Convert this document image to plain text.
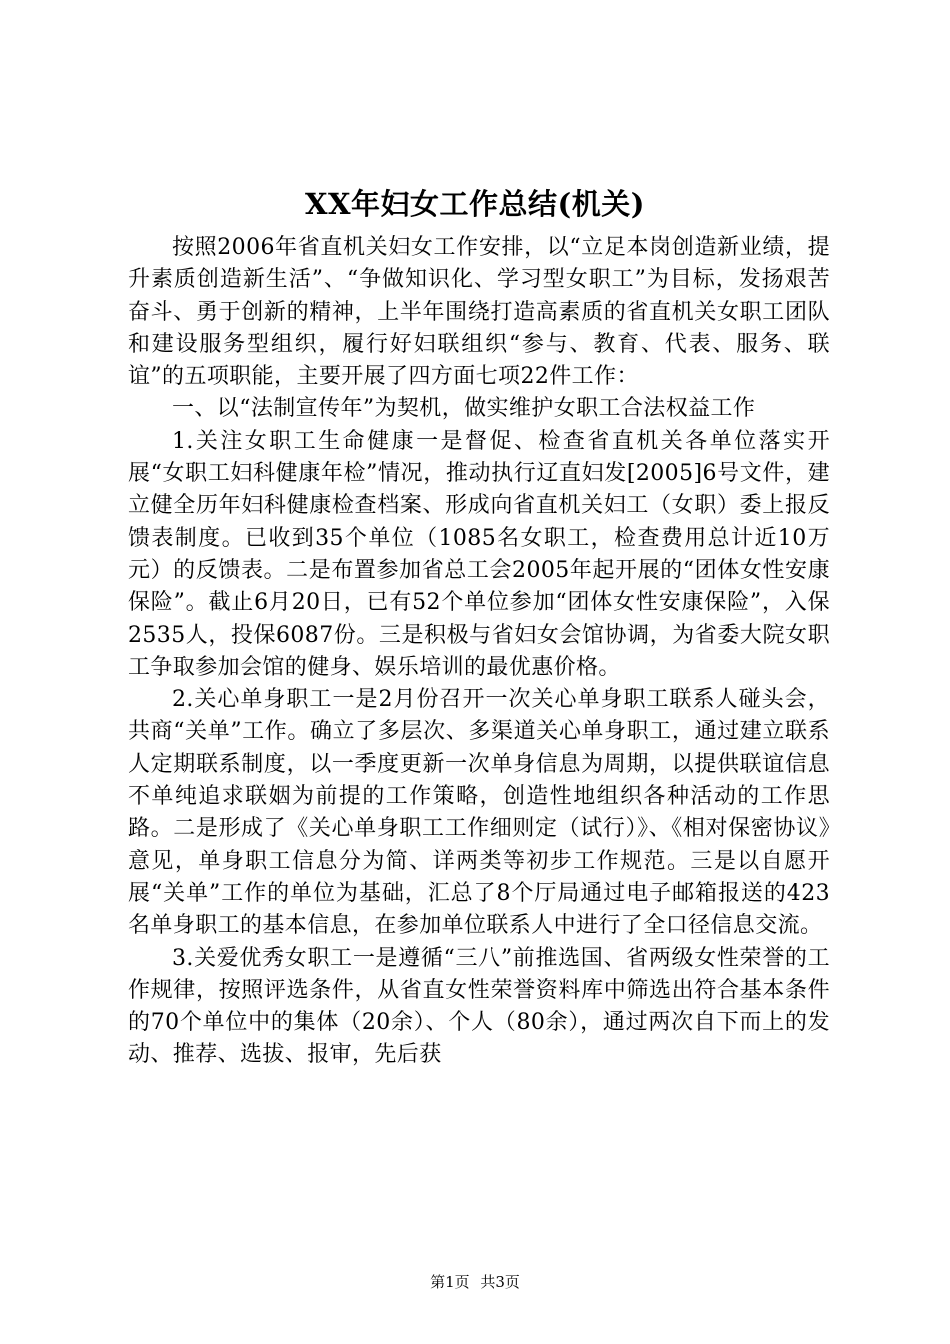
XX年妇女工作总结(机关)

按照2006年省直机关妇女工作安排，以“立足本岗创造新业绩，提升素质创造新生活”、“争做知识化、学习型女职工”为目标，发扬艰苦奋斗、勇于创新的精神，上半年围绕打造高素质的省直机关女职工团队和建设服务型组织，履行好妇联组织“参与、教育、代表、服务、联谊”的五项职能，主要开展了四方面七项22件工作：

一、以“法制宣传年”为契机，做实维护女职工合法权益工作

1.关注女职工生命健康一是督促、检查省直机关各单位落实开展“女职工妇科健康年检”情况，推动执行辽直妇发[2005]6号文件，建立健全历年妇科健康检查档案、形成向省直机关妇工（女职）委上报反馈表制度。已收到35个单位（1085名女职工，检查费用总计近10万元）的反馈表。二是布置参加省总工会2005年起开展的“团体女性安康保险”。截止6月20日，已有52个单位参加“团体女性安康保险”，入保2535人，投保6087份。三是积极与省妇女会馆协调，为省委大院女职工争取参加会馆的健身、娱乐培训的最优惠价格。

2.关心单身职工一是2月份召开一次关心单身职工联系人碰头会，共商“关单”工作。确立了多层次、多渠道关心单身职工，通过建立联系人定期联系制度，以一季度更新一次单身信息为周期，以提供联谊信息不单纯追求联姻为前提的工作策略，创造性地组织各种活动的工作思路。二是形成了《关心单身职工工作细则定（试行）》、《相对保密协议》意见，单身职工信息分为简、详两类等初步工作规范。三是以自愿开展“关单”工作的单位为基础，汇总了8个厅局通过电子邮箱报送的423名单身职工的基本信息，在参加单位联系人中进行了全口径信息交流。

3.关爱优秀女职工一是遵循“三八”前推选国、省两级女性荣誉的工作规律，按照评选条件，从省直女性荣誉资料库中筛选出符合基本条件的70个单位中的集体（20余）、个人（80余），通过两次自下而上的发动、推荐、选拔、报审，先后获

第1页 共3页
